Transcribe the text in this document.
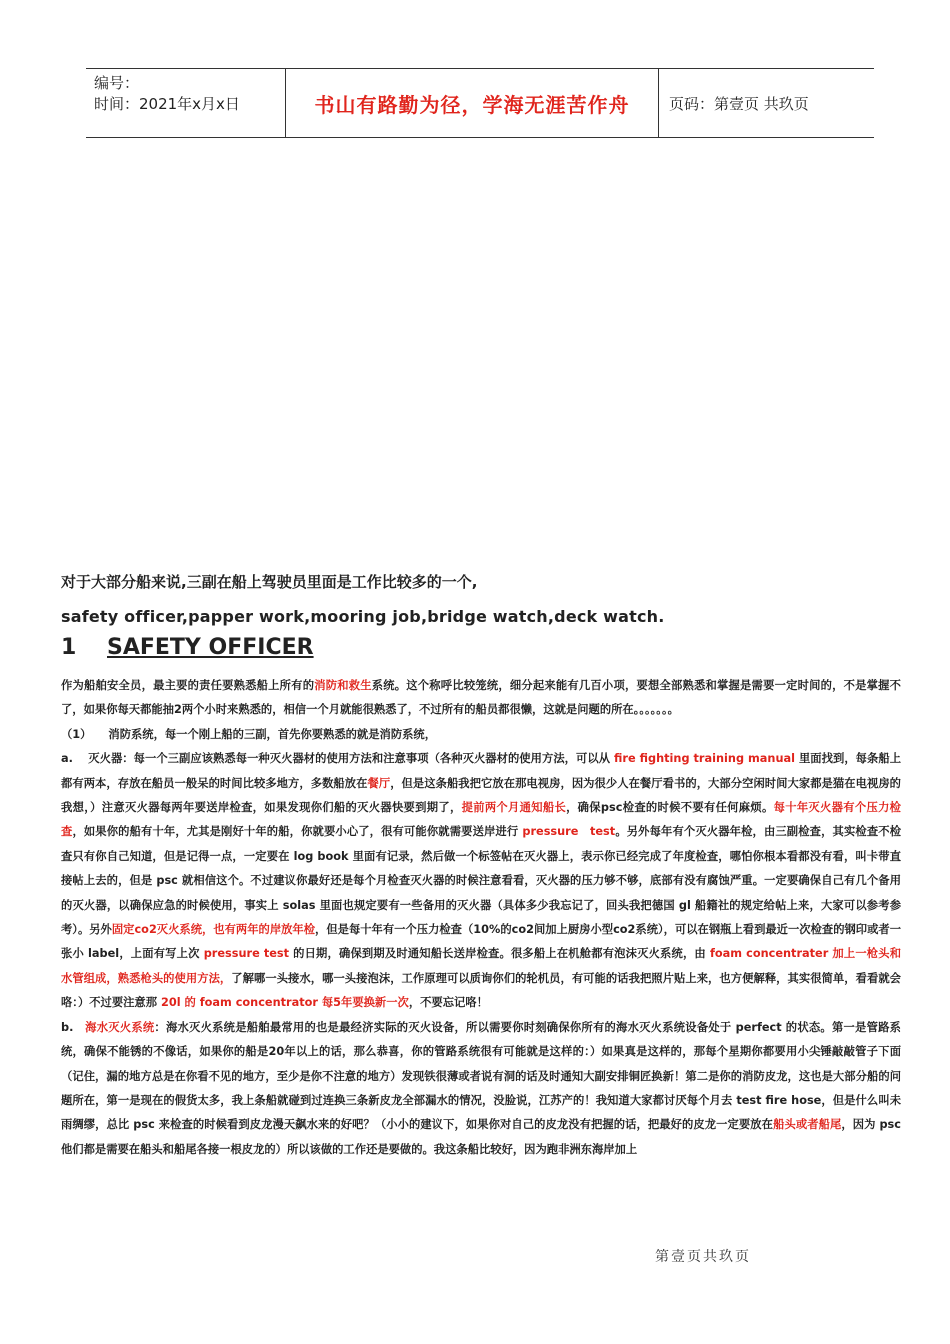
编号：
时间：2021年x月x日	书山有路勤为径，学海无涯苦作舟	页码：第壹页 共玖页

对于大部分船来说,三副在船上驾驶员里面是工作比较多的一个,

safety officer,papper work,mooring job,bridge watch,deck watch.

1 SAFETY OFFICER

作为船舶安全员，最主要的责任要熟悉船上所有的消防和救生系统。这个称呼比较笼统，细分起来能有几百小项，要想全部熟悉和掌握是需要一定时间的，不是掌握不了，如果你每天都能抽2两个小时来熟悉的，相信一个月就能很熟悉了，不过所有的船员都很懒，这就是问题的所在。。。。。。。

（1）　　消防系统，每一个刚上船的三副，首先你要熟悉的就是消防系统，

a.　 灭火器：每一个三副应该熟悉每一种灭火器材的使用方法和注意事项（各种灭火器材的使用方法，可以从 fire fighting training manual 里面找到，每条船上都有两本，存放在船员一般呆的时间比较多地方，多数船放在餐厅，但是这条船我把它放在那电视房，因为很少人在餐厅看书的，大部分空闲时间大家都是猫在电视房的我想，）注意灭火器每两年要送岸检查，如果发现你们船的灭火器快要到期了，提前两个月通知船长，确保psc检查的时候不要有任何麻烦。每十年灭火器有个压力检查，如果你的船有十年，尤其是刚好十年的船，你就要小心了，很有可能你就需要送岸进行 pressure　test。另外每年有个灭火器年检，由三副检查，其实检查不检查只有你自己知道，但是记得一点，一定要在 log book 里面有记录，然后做一个标签帖在灭火器上，表示你已经完成了年度检查，哪怕你根本看都没有看，叫卡带直接帖上去的，但是 psc 就相信这个。不过建议你最好还是每个月检查灭火器的时候注意看看，灭火器的压力够不够，底部有没有腐蚀严重。一定要确保自己有几个备用的灭火器，以确保应急的时候使用，事实上 solas 里面也规定要有一些备用的灭火器（具体多少我忘记了，回头我把德国 gl 船籍社的规定给帖上来，大家可以参考参考）。另外固定co2灭火系统，也有两年的岸放年检，但是每十年有一个压力检查（10%的co2间加上厨房小型co2系统），可以在钢瓶上看到最近一次检查的钢印或者一张小 label，上面有写上次 pressure test 的日期，确保到期及时通知船长送岸检查。很多船上在机舱都有泡沫灭火系统，由 foam concentrater 加上一枪头和水管组成，熟悉枪头的使用方法，了解哪一头接水，哪一头接泡沫，工作原理可以质询你们的轮机员，有可能的话我把照片贴上来，也方便解释，其实很简单，看看就会咯：）不过要注意那 20l 的 foam concentrator 每5年要换新一次，不要忘记咯！

b.　海水灭火系统：海水灭火系统是船舶最常用的也是最经济实际的灭火设备，所以需要你时刻确保你所有的海水灭火系统设备处于 perfect 的状态。第一是管路系统，确保不能锈的不像话，如果你的船是20年以上的话，那么恭喜，你的管路系统很有可能就是这样的：）如果真是这样的，那每个星期你都要用小尖锤敲敲管子下面（记住，漏的地方总是在你看不见的地方，至少是你不注意的地方）发现铁很薄或者说有洞的话及时通知大副安排铜匠换新！第二是你的消防皮龙，这也是大部分船的问题所在，第一是现在的假货太多，我上条船就碰到过连换三条新皮龙全部漏水的情况，没脸说，江苏产的！我知道大家都讨厌每个月去 test fire hose，但是什么叫未雨绸缪，总比 psc 来检查的时候看到皮龙漫天飙水来的好吧？（小小的建议下，如果你对自己的皮龙没有把握的话，把最好的皮龙一定要放在船头或者船尾，因为 psc 他们都是需要在船头和船尾各接一根皮龙的）所以该做的工作还是要做的。我这条船比较好，因为跑非洲东海岸加上

第壹页共玖页
